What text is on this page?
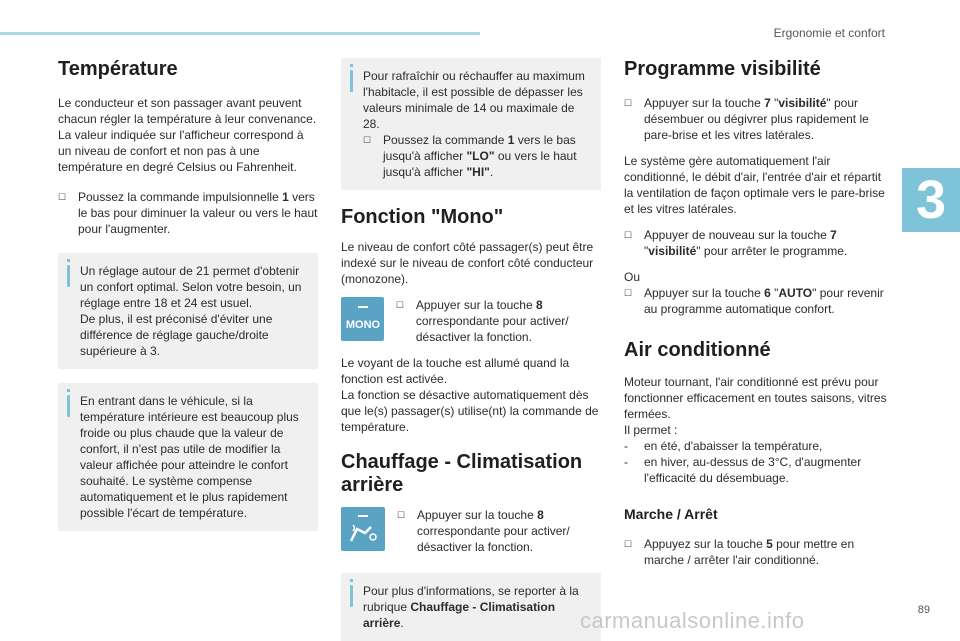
Ergonomie et confort
3
89
Température

Le conducteur et son passager avant peuvent chacun régler la température à leur convenance.

La valeur indiquée sur l'afficheur correspond à un niveau de confort et non pas à une température en degré Celsius ou Fahrenheit.

☐ Poussez la commande impulsionnelle 1 vers le bas pour diminuer la valeur ou vers le haut pour l'augmenter.
Un réglage autour de 21 permet d'obtenir un confort optimal. Selon votre besoin, un réglage entre 18 et 24 est usuel.
De plus, il est préconisé d'éviter une différence de réglage gauche/droite supérieure à 3.
En entrant dans le véhicule, si la température intérieure est beaucoup plus froide ou plus chaude que la valeur de confort, il n'est pas utile de modifier la valeur affichée pour atteindre le confort souhaité. Le système compense automatiquement et le plus rapidement possible l'écart de température.
Pour rafraîchir ou réchauffer au maximum l'habitacle, il est possible de dépasser les valeurs minimale de 14 ou maximale de 28.
☐ Poussez la commande 1 vers le bas jusqu'à afficher "LO" ou vers le haut jusqu'à afficher "HI".
Fonction "Mono"

Le niveau de confort côté passager(s) peut être indexé sur le niveau de confort côté conducteur (monozone).

MONO
☐ Appuyer sur la touche 8 correspondante pour activer/ désactiver la fonction.

Le voyant de la touche est allumé quand la fonction est activée.

La fonction se désactive automatiquement dès que le(s) passager(s) utilise(nt) la commande de température.

Chauffage - Climatisation arrière
☐ Appuyer sur la touche 8 correspondante pour activer/ désactiver la fonction.
Pour plus d'informations, se reporter à la rubrique Chauffage - Climatisation arrière.
Programme visibilité
☐ Appuyer sur la touche 7 "visibilité" pour désembuer ou dégivrer plus rapidement le pare-brise et les vitres latérales.

Le système gère automatiquement l'air conditionné, le débit d'air, l'entrée d'air et répartit la ventilation de façon optimale vers le pare-brise et les vitres latérales.

☐ Appuyer de nouveau sur la touche 7 "visibilité" pour arrêter le programme.

Ou

☐ Appuyer sur la touche 6 "AUTO" pour revenir au programme automatique confort.
Air conditionné

Moteur tournant, l'air conditionné est prévu pour fonctionner efficacement en toutes saisons, vitres fermées.

Il permet :

- en été, d'abaisser la température,
- en hiver, au-dessus de 3°C, d'augmenter l'efficacité du désembuage.
Marche / Arrêt
☐ Appuyez sur la touche 5 pour mettre en marche / arrêter l'air conditionné.
carmanualsonline.info
